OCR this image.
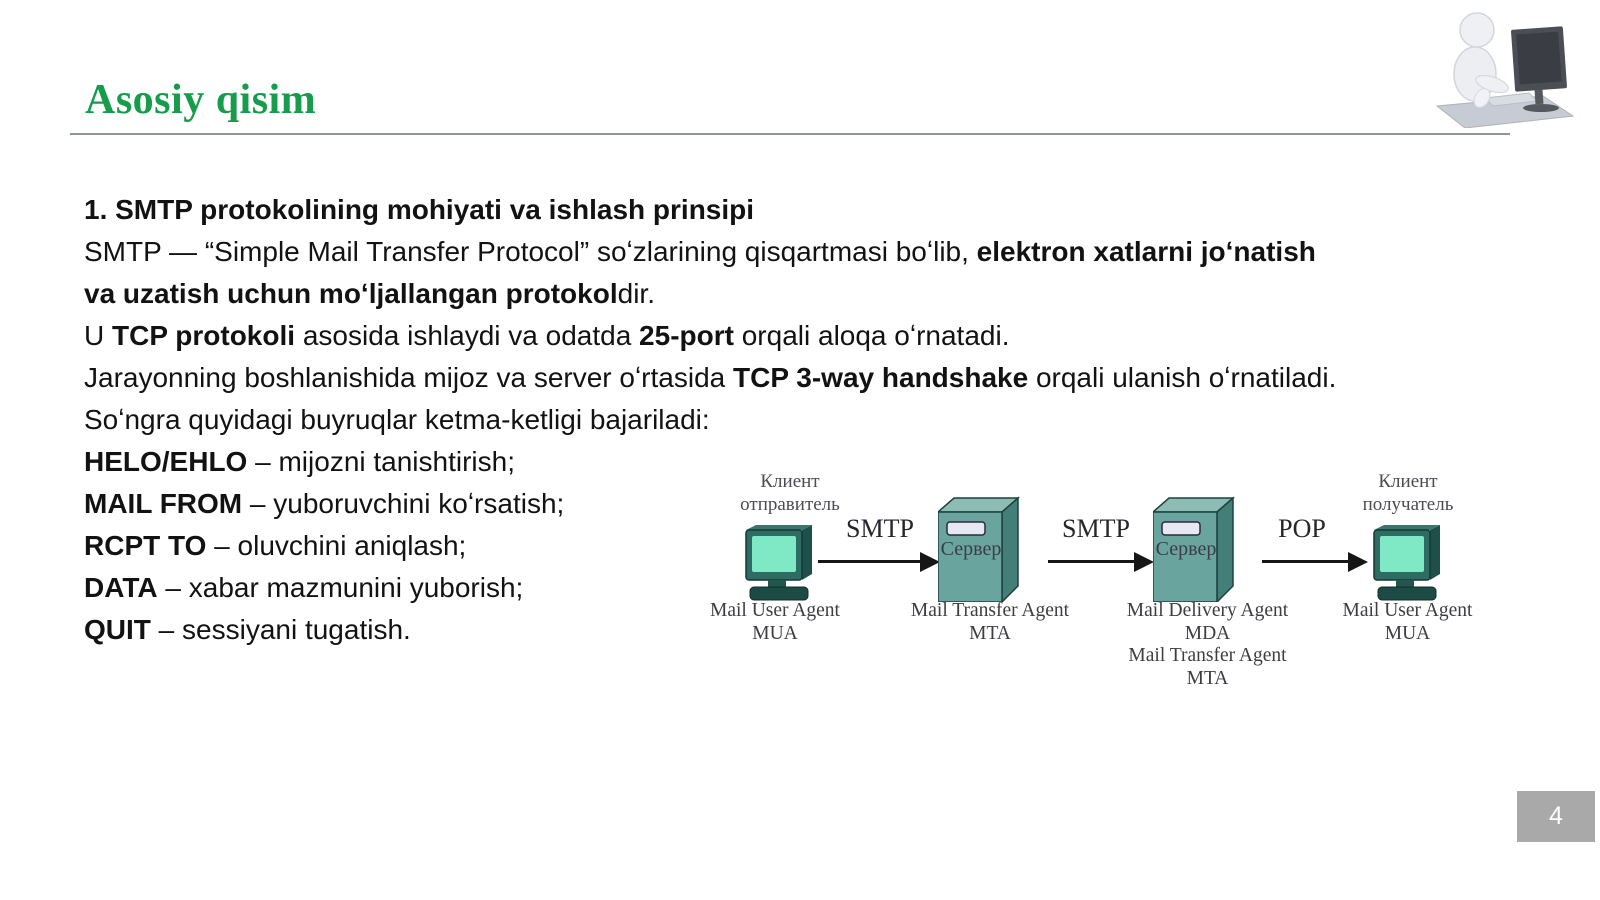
Asosiy qisim
1. SMTP protokolining mohiyati va ishlash prinsipi
SMTP — “Simple Mail Transfer Protocol” soʻzlarining qisqartmasi boʻlib, elektron xatlarni joʻnatish
va uzatish uchun moʻljallangan protokoldir.
U TCP protokoli asosida ishlaydi va odatda 25-port orqali aloqa oʻrnatadi.
Jarayonning boshlanishida mijoz va server oʻrtasida TCP 3-way handshake orqali ulanish oʻrnatiladi.
Soʻngra quyidagi buyruqlar ketma-ketligi bajariladi:
HELO/EHLO – mijozni tanishtirish;
MAIL FROM – yuboruvchini koʻrsatish;
RCPT TO – oluvchini aniqlash;
DATA – xabar mazmunini yuborish;
QUIT – sessiyani tugatish.
Клиент
отправитель
Клиент
получатель
SMTP
Сервер
SMTP
Сервер
POP
Mail User Agent
MUA
Mail Transfer Agent
MTA
Mail Delivery Agent
MDA
Mail Transfer Agent
MTA
Mail User Agent
MUA
4
